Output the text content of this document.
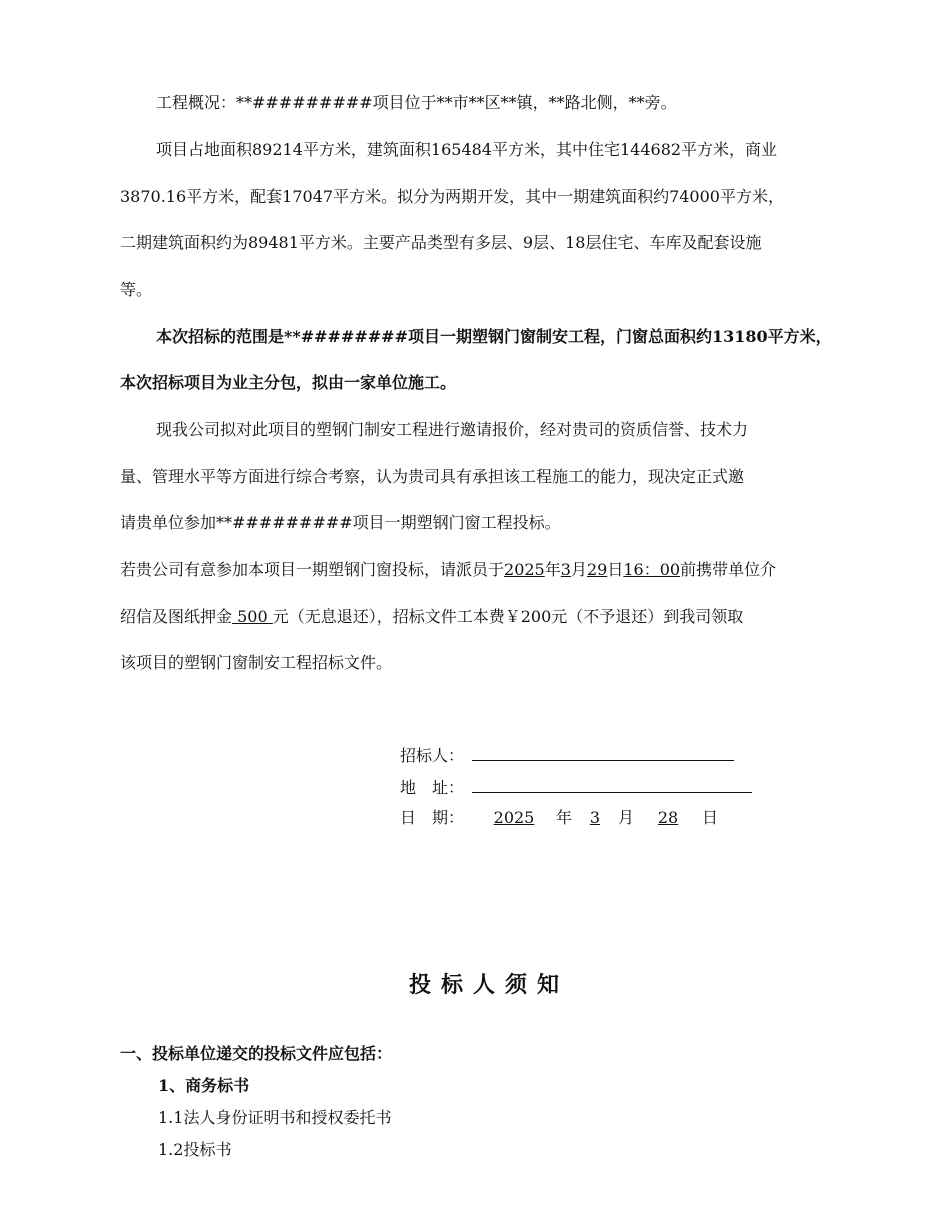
工程概况：**#########项目位于**市**区**镇，**路北侧，**旁。
项目占地面积89214平方米，建筑面积165484平方米，其中住宅144682平方米，商业
3870.16平方米，配套17047平方米。拟分为两期开发，其中一期建筑面积约74000平方米，
二期建筑面积约为89481平方米。主要产品类型有多层、9层、18层住宅、车库及配套设施
等。
本次招标的范围是**########项目一期塑钢门窗制安工程，门窗总面积约13180平方米，
本次招标项目为业主分包，拟由一家单位施工。
现我公司拟对此项目的塑钢门制安工程进行邀请报价，经对贵司的资质信誉、技术力
量、管理水平等方面进行综合考察，认为贵司具有承担该工程施工的能力，现决定正式邀
请贵单位参加**#########项目一期塑钢门窗工程投标。
若贵公司有意参加本项目一期塑钢门窗投标，请派员于2025年3月29日16：00前携带单位介
绍信及图纸押金 500 元（无息退还），招标文件工本费￥200元（不予退还）到我司领取
该项目的塑钢门窗制安工程招标文件。
招标人：
地　址：
日　期： 2025 年 3 月 28 日
投标人须知
一、投标单位递交的投标文件应包括：
1、商务标书
1.1法人身份证明书和授权委托书
1.2投标书
